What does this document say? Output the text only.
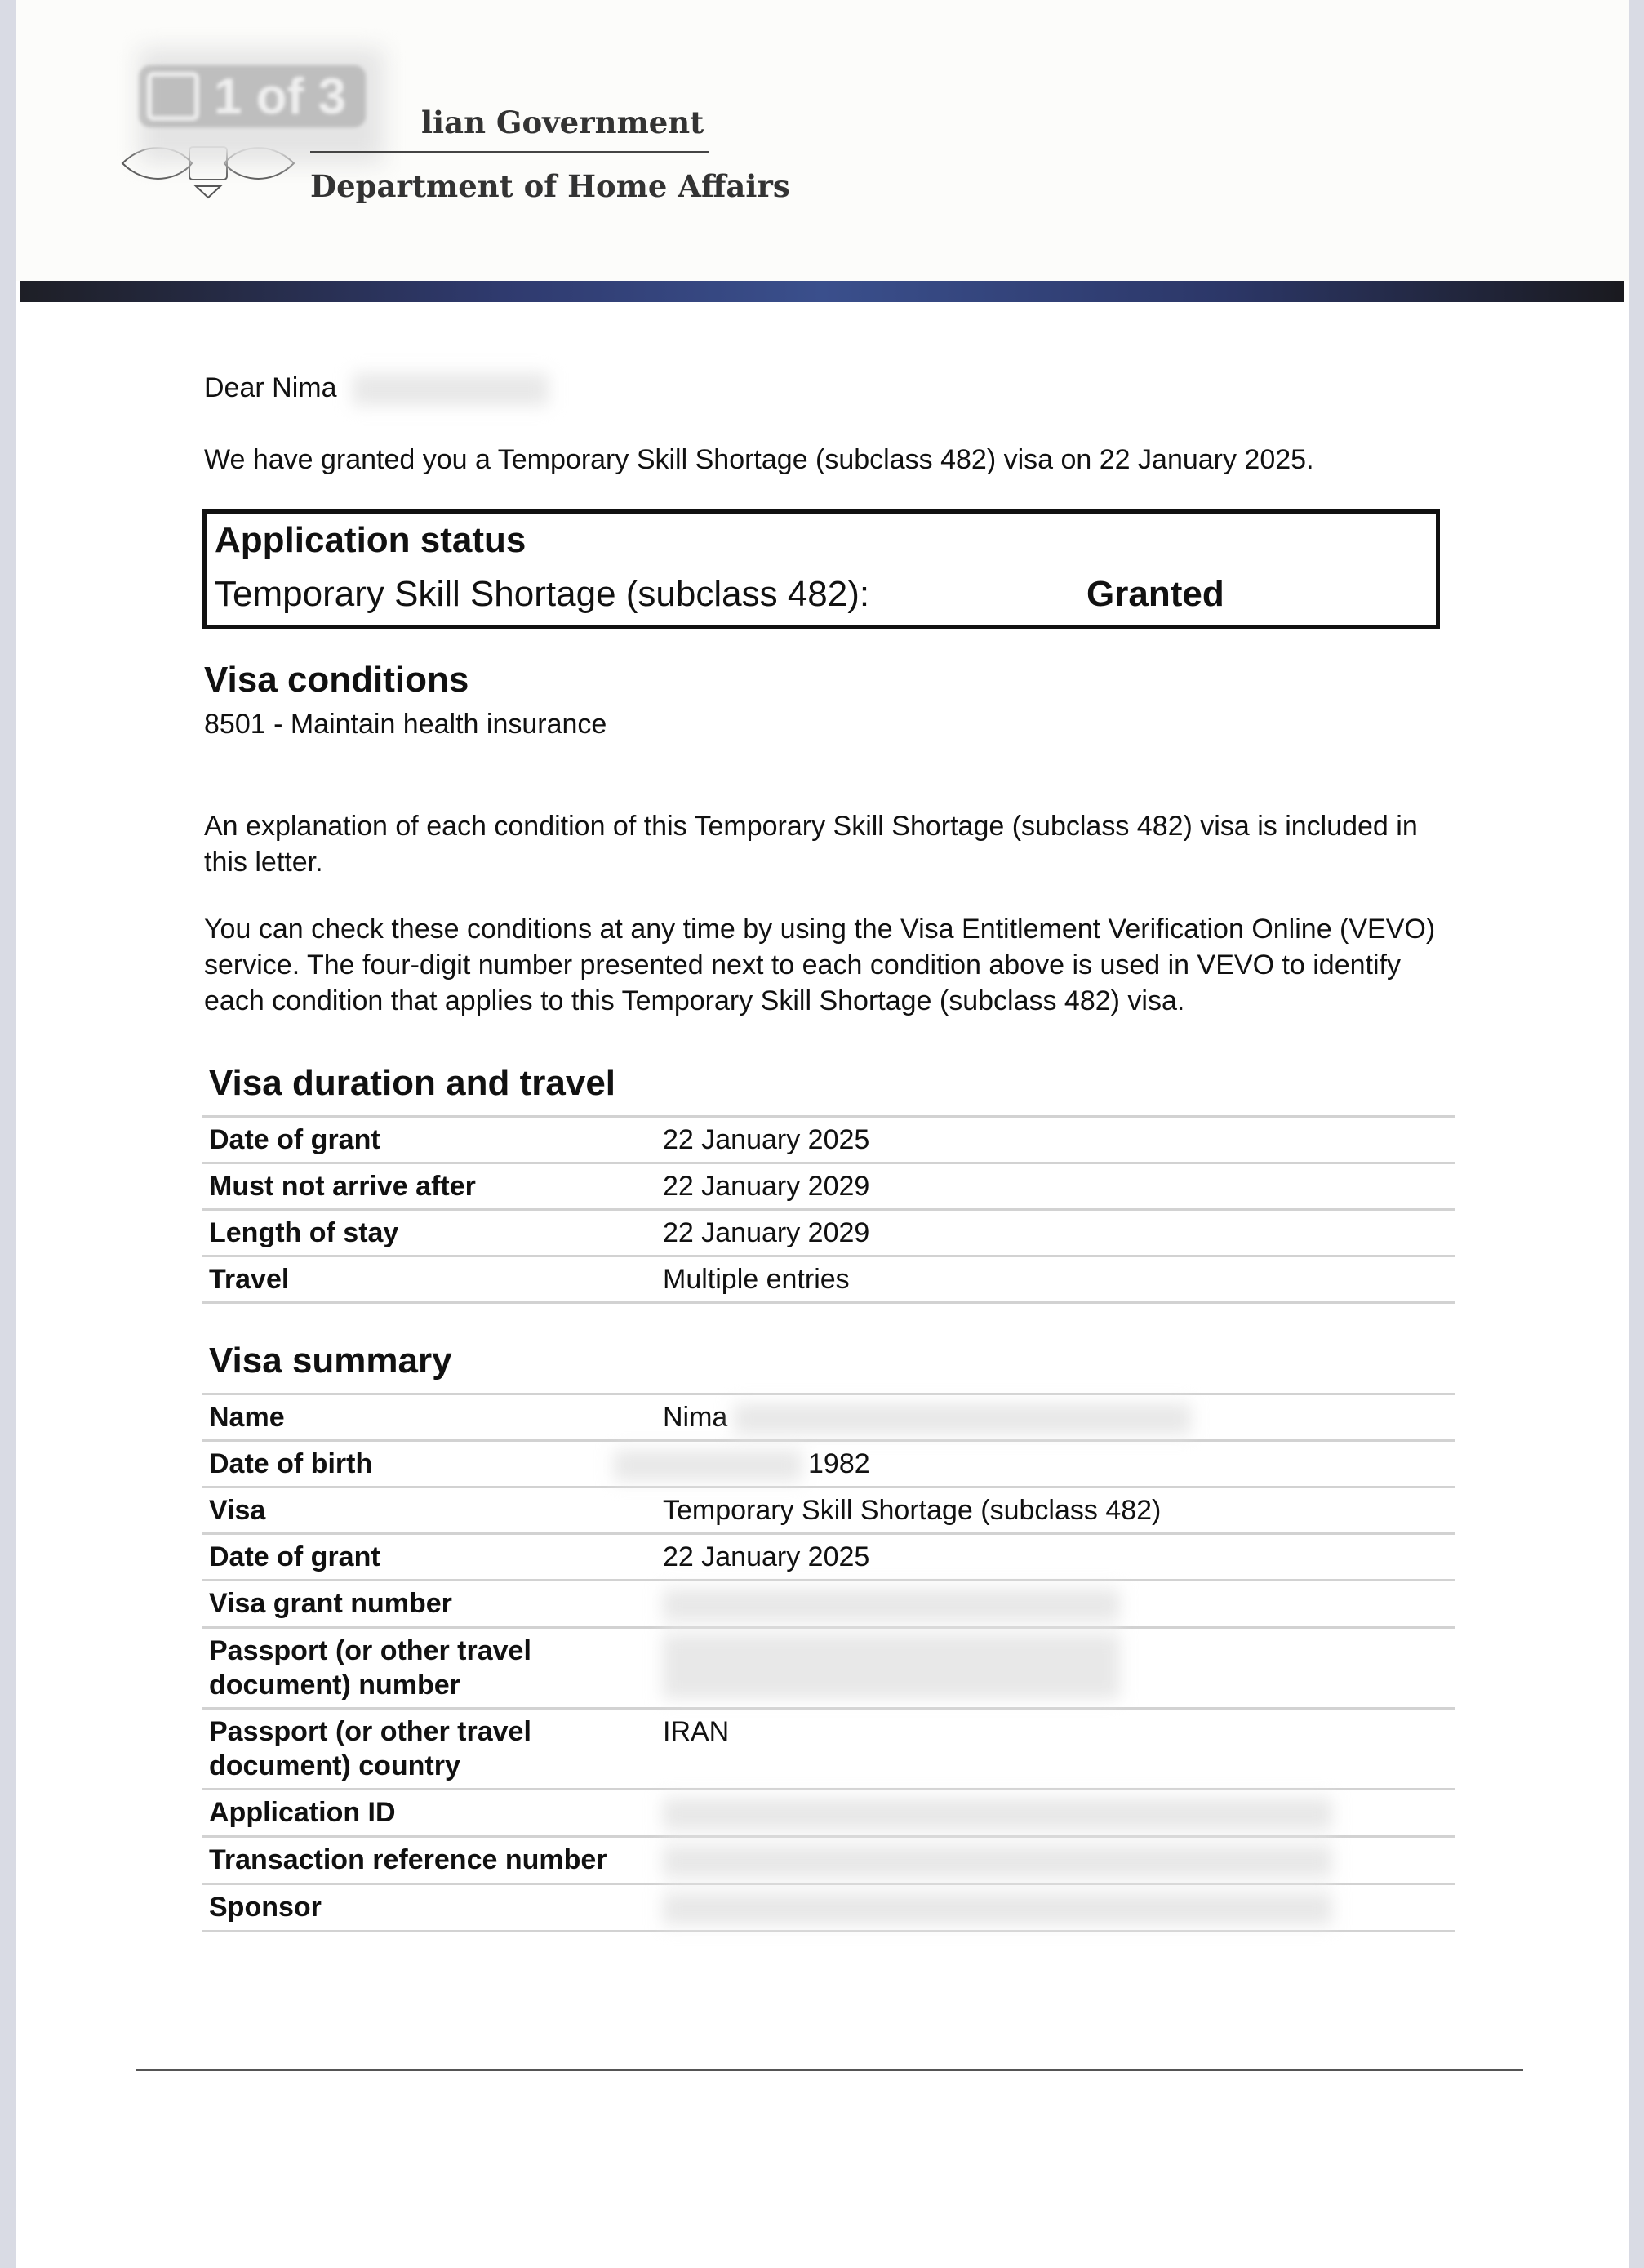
1 of 3 lian Government
Department of Home Affairs
Dear Nima
We have granted you a Temporary Skill Shortage (subclass 482) visa on 22 January 2025.
Application status
Temporary Skill Shortage (subclass 482):	Granted
Visa conditions
8501 - Maintain health insurance

An explanation of each condition of this Temporary Skill Shortage (subclass 482) visa is included in this letter.

You can check these conditions at any time by using the Visa Entitlement Verification Online (VEVO) service. The four-digit number presented next to each condition above is used in VEVO to identify each condition that applies to this Temporary Skill Shortage (subclass 482) visa.

Visa duration and travel
Date of grant	22 January 2025
Must not arrive after	22 January 2029
Length of stay	22 January 2029
Travel	Multiple entries
Visa summary
Name	Nima
Date of birth	1982
Visa	Temporary Skill Shortage (subclass 482)
Date of grant	22 January 2025
Visa grant number	
Passport (or other travel document) number	
Passport (or other travel document) country	IRAN
Application ID	
Transaction reference number	
Sponsor	
